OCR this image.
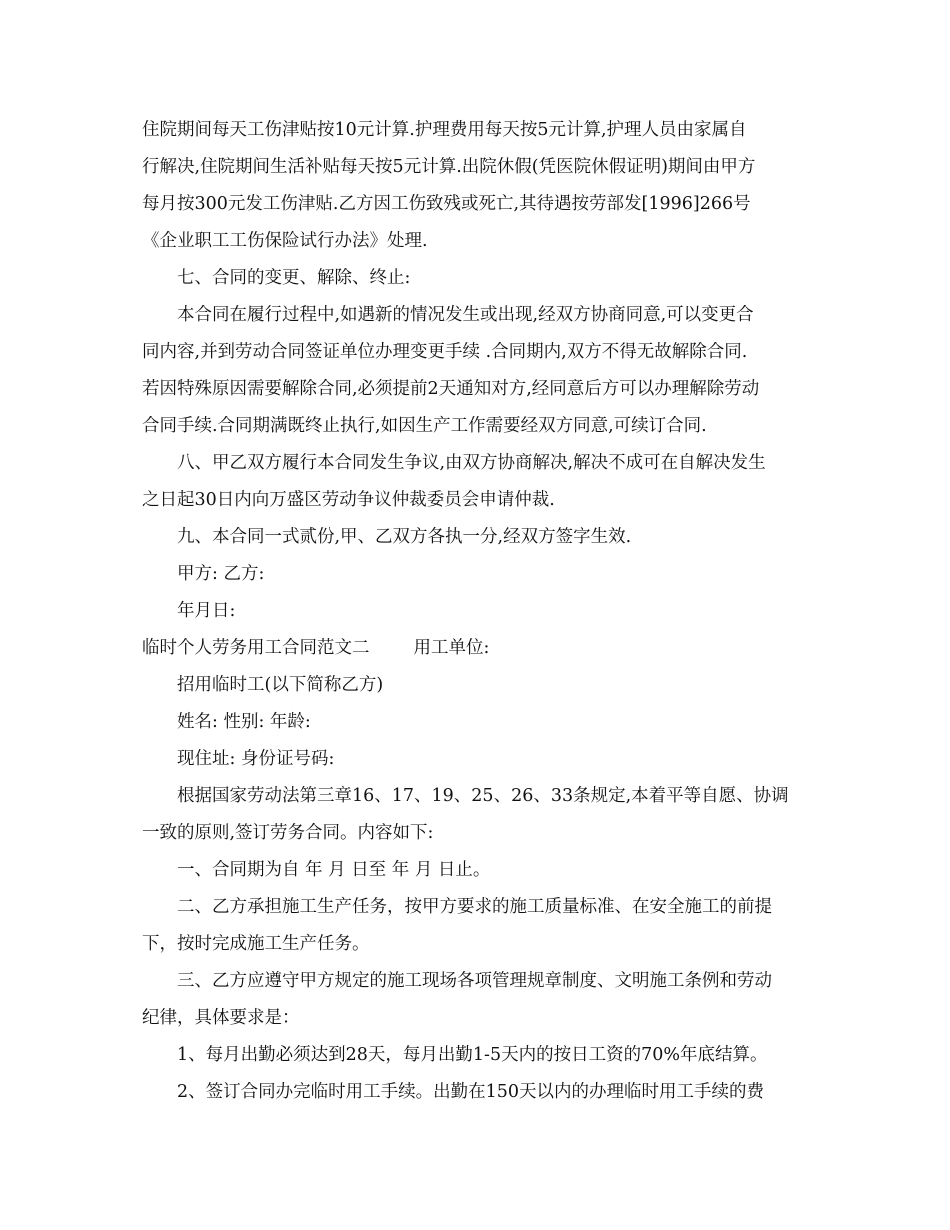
住院期间每天工伤津贴按10元计算.护理费用每天按5元计算,护理人员由家属自
行解决,住院期间生活补贴每天按5元计算.出院休假(凭医院休假证明)期间由甲方
每月按300元发工伤津贴.乙方因工伤致残或死亡,其待遇按劳部发[1996]266号
《企业职工工伤保险试行办法》处理.
七、合同的变更、解除、终止:
本合同在履行过程中,如遇新的情况发生或出现,经双方协商同意,可以变更合
同内容,并到劳动合同签证单位办理变更手续 .合同期内,双方不得无故解除合同.
若因特殊原因需要解除合同,必须提前2天通知对方,经同意后方可以办理解除劳动
合同手续.合同期满既终止执行,如因生产工作需要经双方同意,可续订合同.
八、甲乙双方履行本合同发生争议,由双方协商解决,解决不成可在自解决发生
之日起30日内向万盛区劳动争议仲裁委员会申请仲裁.
九、本合同一式贰份,甲、乙双方各执一分,经双方签字生效.
甲方: 乙方:
年月日:
临时个人劳务用工合同范文二	用工单位:
招用临时工(以下简称乙方)
姓名: 性别: 年龄:
现住址: 身份证号码:
根据国家劳动法第三章16、17、19、25、26、33条规定,本着平等自愿、协调
一致的原则,签订劳务合同。内容如下:
一、合同期为自 年 月 日至 年 月 日止。
二、乙方承担施工生产任务，按甲方要求的施工质量标准、在安全施工的前提
下，按时完成施工生产任务。
三、乙方应遵守甲方规定的施工现场各项管理规章制度、文明施工条例和劳动
纪律，具体要求是：
1、每月出勤必须达到28天，每月出勤1-5天内的按日工资的70%年底结算。
2、签订合同办完临时用工手续。出勤在150天以内的办理临时用工手续的费
